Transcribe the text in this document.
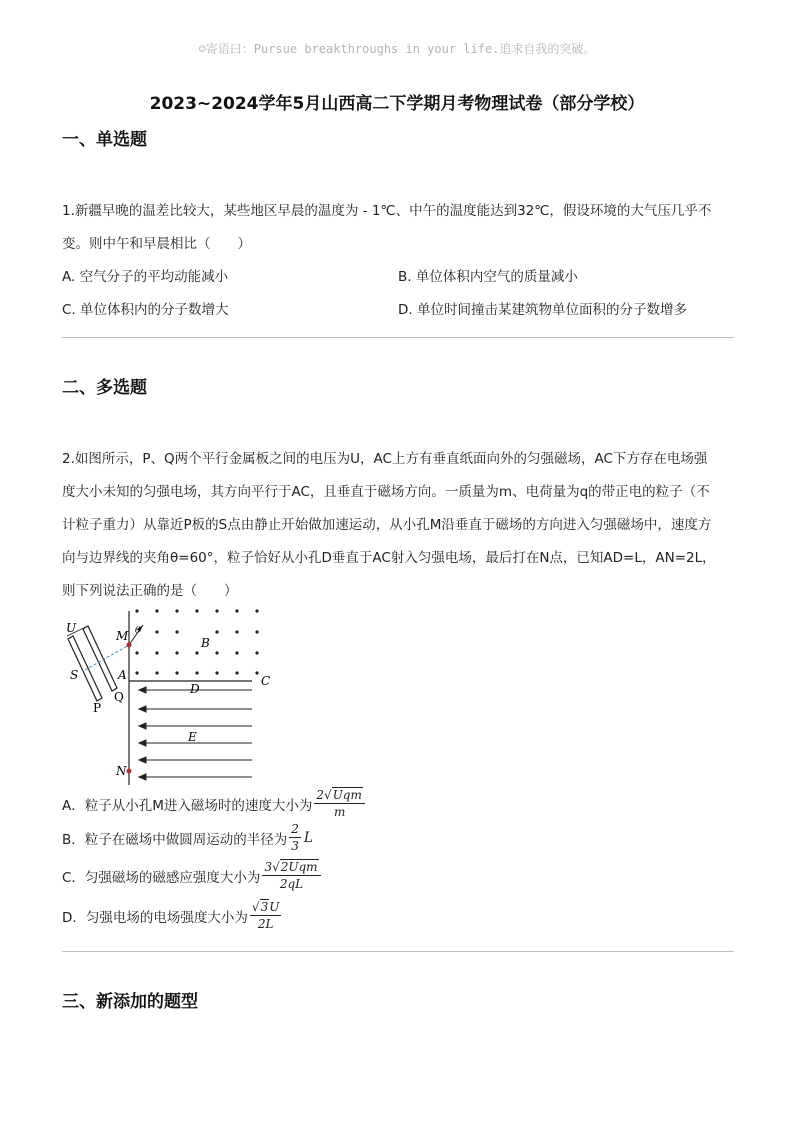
☺寄语曰：Pursue breakthroughs in your life.追求自我的突破。
2023~2024学年5月山西高二下学期月考物理试卷（部分学校）
一、单选题
1.新疆早晚的温差比较大，某些地区早晨的温度为 - 1℃、中午的温度能达到32℃，假设环境的大气压几乎不
变。则中午和早晨相比（　　）
A. 空气分子的平均动能减小	B. 单位体积内空气的质量减小
C. 单位体积内的分子数增大	D. 单位时间撞击某建筑物单位面积的分子数增多
二、多选题
2.如图所示，P、Q两个平行金属板之间的电压为U，AC上方有垂直纸面向外的匀强磁场，AC下方存在电场强
度大小未知的匀强电场，其方向平行于AC，且垂直于磁场方向。一质量为m、电荷量为q的带正电的粒子（不
计粒子重力）从靠近P板的S点由静止开始做加速运动，从小孔M沿垂直于磁场的方向进入匀强磁场中，速度方
向与边界线的夹角θ=60°，粒子恰好从小孔D垂直于AC射入匀强电场，最后打在N点，已知AD=L，AN=2L，
则下列说法正确的是（　　）
U
M θ
B
S	A
Q
D
C
P
E
N
A．粒子从小孔M进入磁场时的速度大小为 $\frac{\text{2√Uqm}}{m}$
B．粒子在磁场中做圆周运动的半径为 $\frac{2}{3}$ L
C．匀强磁场的磁感应强度大小为 $\frac{\text{3√2Uqm}}{2qL}$
D．匀强电场的电场强度大小为 $\frac{√3U}{2L}$
三、新添加的题型
